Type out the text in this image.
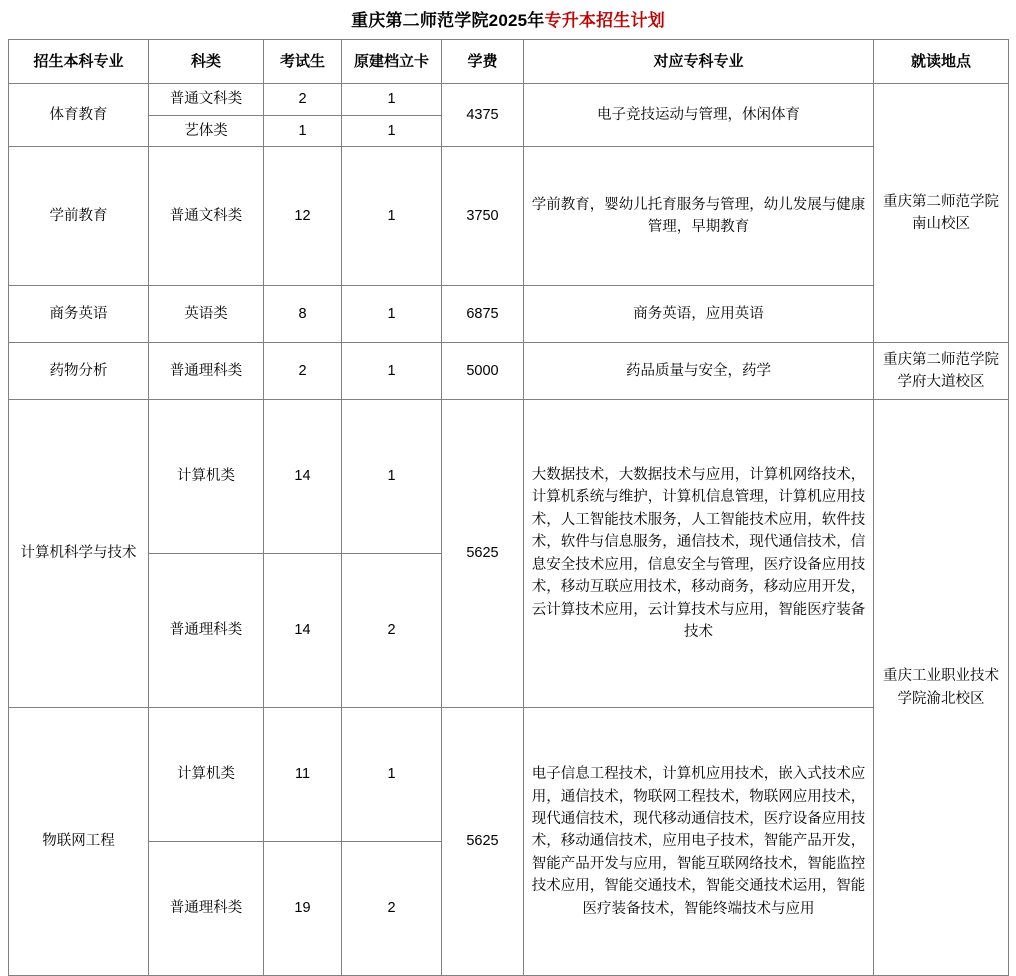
重庆第二师范学院2025年专升本招生计划
招生本科专业	科类	考试生	原建档立卡	学费	对应专科专业	就读地点
体育教育	普通文科类	2	1	4375	电子竞技运动与管理，休闲体育	重庆第二师范学院南山校区
	艺体类	1	1			
学前教育	普通文科类	12	1	3750	学前教育，婴幼儿托育服务与管理，幼儿发展与健康管理，早期教育	
商务英语	英语类	8	1	6875	商务英语，应用英语	
药物分析	普通理科类	2	1	5000	药品质量与安全，药学	重庆第二师范学院学府大道校区
计算机科学与技术	计算机类	14	1	5625	大数据技术，大数据技术与应用，计算机网络技术，计算机系统与维护，计算机信息管理，计算机应用技术，人工智能技术服务，人工智能技术应用，软件技术，软件与信息服务，通信技术，现代通信技术，信息安全技术应用，信息安全与管理，医疗设备应用技术，移动互联应用技术，移动商务，移动应用开发，云计算技术应用，云计算技术与应用，智能医疗装备技术	重庆工业职业技术学院渝北校区
	普通理科类	14	2			
物联网工程	计算机类	11	1	5625	电子信息工程技术，计算机应用技术，嵌入式技术应用，通信技术，物联网工程技术，物联网应用技术，现代通信技术，现代移动通信技术，医疗设备应用技术，移动通信技术，应用电子技术，智能产品开发，智能产品开发与应用，智能互联网络技术，智能监控技术应用，智能交通技术，智能交通技术运用，智能医疗装备技术，智能终端技术与应用	
	普通理科类	19	2			
